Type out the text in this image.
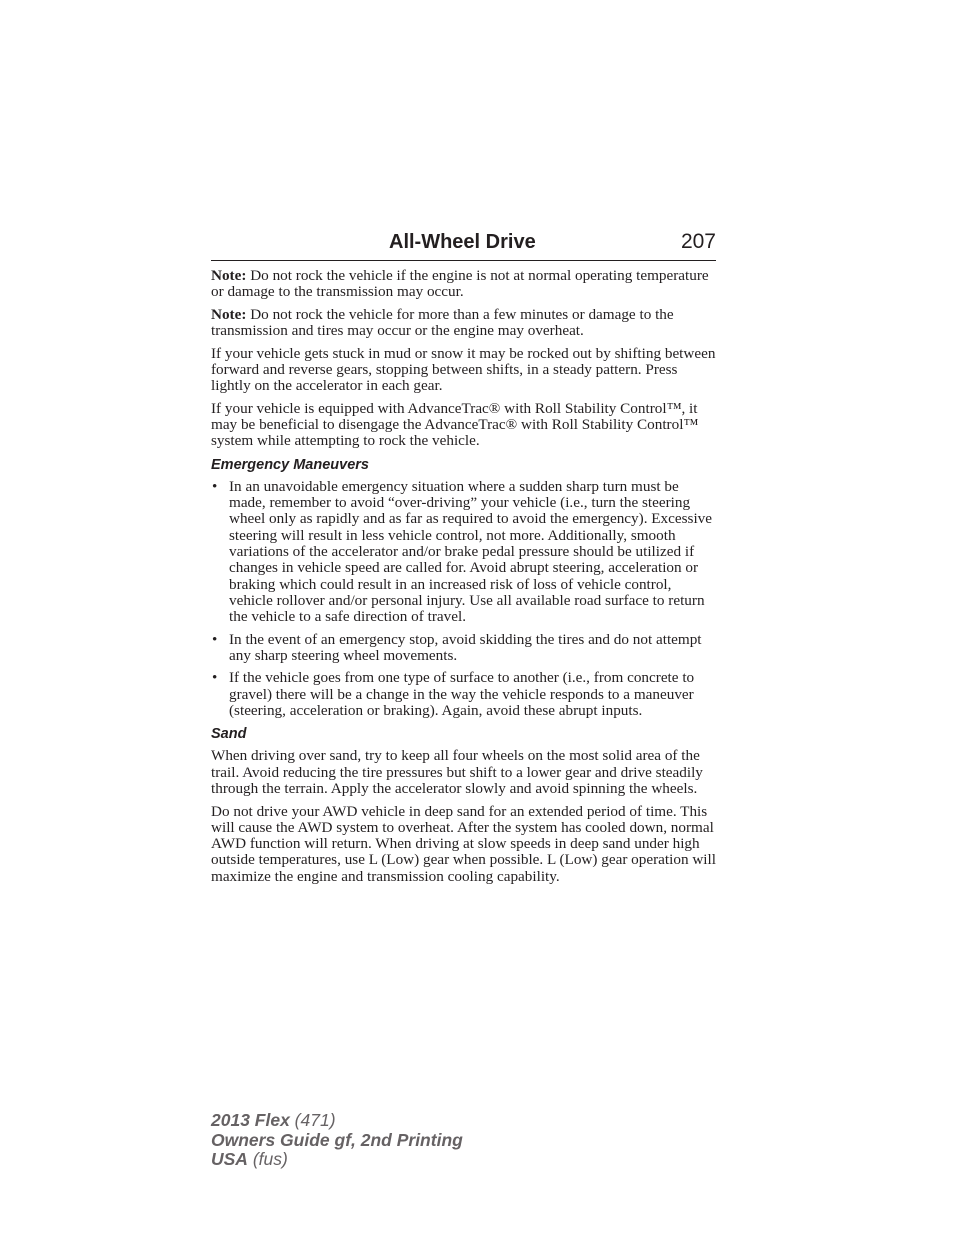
All-Wheel Drive	207

Note: Do not rock the vehicle if the engine is not at normal operating temperature or damage to the transmission may occur.

Note: Do not rock the vehicle for more than a few minutes or damage to the transmission and tires may occur or the engine may overheat.

If your vehicle gets stuck in mud or snow it may be rocked out by shifting between forward and reverse gears, stopping between shifts, in a steady pattern. Press lightly on the accelerator in each gear.

If your vehicle is equipped with AdvanceTrac® with Roll Stability Control™, it may be beneficial to disengage the AdvanceTrac® with Roll Stability Control™ system while attempting to rock the vehicle.

Emergency Maneuvers
• In an unavoidable emergency situation where a sudden sharp turn must be made, remember to avoid “over-driving” your vehicle (i.e., turn the steering wheel only as rapidly and as far as required to avoid the emergency). Excessive steering will result in less vehicle control, not more. Additionally, smooth variations of the accelerator and/or brake pedal pressure should be utilized if changes in vehicle speed are called for. Avoid abrupt steering, acceleration or braking which could result in an increased risk of loss of vehicle control, vehicle rollover and/or personal injury. Use all available road surface to return the vehicle to a safe direction of travel.
• In the event of an emergency stop, avoid skidding the tires and do not attempt any sharp steering wheel movements.
• If the vehicle goes from one type of surface to another (i.e., from concrete to gravel) there will be a change in the way the vehicle responds to a maneuver (steering, acceleration or braking). Again, avoid these abrupt inputs.
Sand

When driving over sand, try to keep all four wheels on the most solid area of the trail. Avoid reducing the tire pressures but shift to a lower gear and drive steadily through the terrain. Apply the accelerator slowly and avoid spinning the wheels.

Do not drive your AWD vehicle in deep sand for an extended period of time. This will cause the AWD system to overheat. After the system has cooled down, normal AWD function will return. When driving at slow speeds in deep sand under high outside temperatures, use L (Low) gear when possible. L (Low) gear operation will maximize the engine and transmission cooling capability.

2013 Flex (471)
Owners Guide gf, 2nd Printing
USA (fus)
